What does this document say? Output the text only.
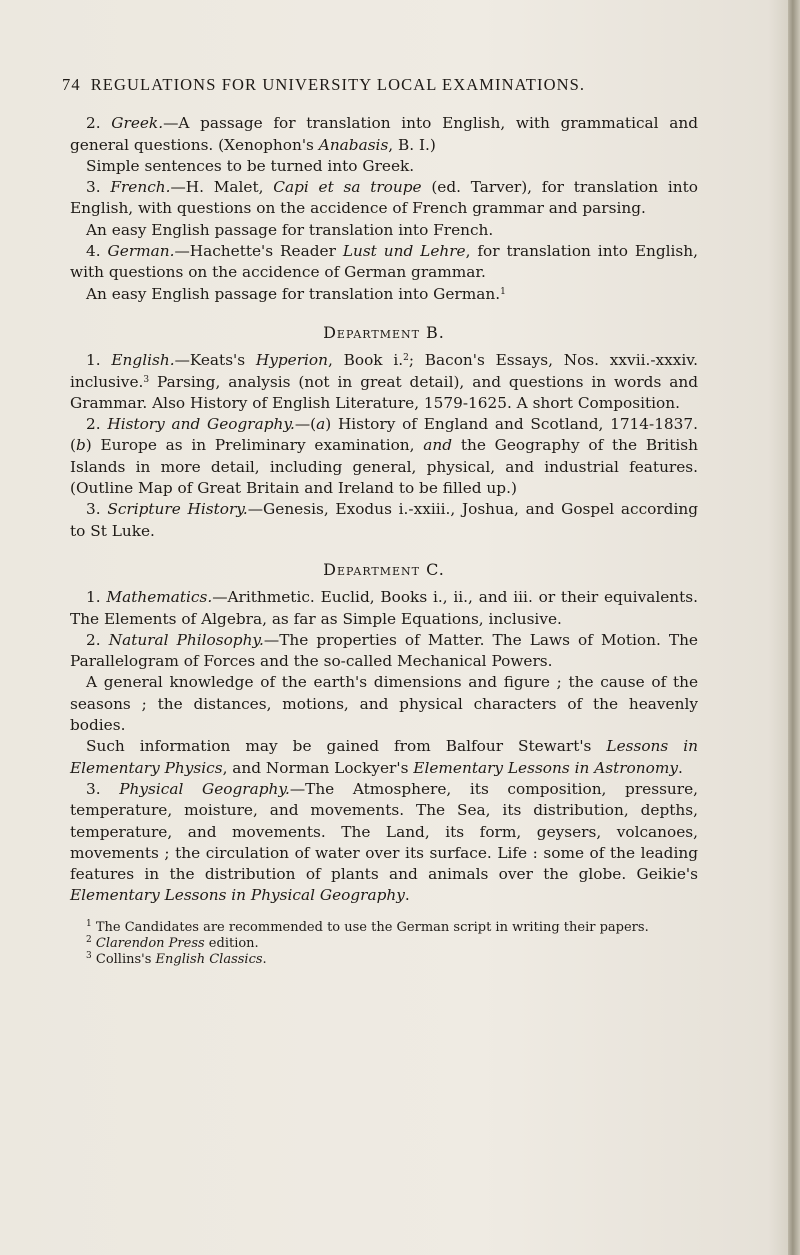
74 REGULATIONS FOR UNIVERSITY LOCAL EXAMINATIONS.

2. Greek.—A passage for translation into English, with grammatical and general questions. (Xenophon's Anabasis, B. I.)

Simple sentences to be turned into Greek.

3. French.—H. Malet, Capi et sa troupe (ed. Tarver), for translation into English, with questions on the accidence of French grammar and parsing.

An easy English passage for translation into French.

4. German.—Hachette's Reader Lust und Lehre, for translation into English, with questions on the accidence of German grammar.

An easy English passage for translation into German.$^1$

Department B.

1. English.—Keats's Hyperion, Book i.$^2$; Bacon's Essays, Nos. xxvii.-xxxiv. inclusive.$^3$ Parsing, analysis (not in great detail), and questions in words and Grammar. Also History of English Literature, 1579-1625. A short Composition.

2. History and Geography.—(a) History of England and Scotland, 1714-1837. (b) Europe as in Preliminary examination, and the Geography of the British Islands in more detail, including general, physical, and industrial features. (Outline Map of Great Britain and Ireland to be filled up.)

3. Scripture History.—Genesis, Exodus i.-xxiii., Joshua, and Gospel according to St Luke.

Department C.

1. Mathematics.—Arithmetic. Euclid, Books i., ii., and iii. or their equivalents. The Elements of Algebra, as far as Simple Equations, inclusive.

2. Natural Philosophy.—The properties of Matter. The Laws of Motion. The Parallelogram of Forces and the so-called Mechanical Powers.

A general knowledge of the earth's dimensions and figure ; the cause of the seasons ; the distances, motions, and physical characters of the heavenly bodies.

Such information may be gained from Balfour Stewart's Lessons in Elementary Physics, and Norman Lockyer's Elementary Lessons in Astronomy.

3. Physical Geography.—The Atmosphere, its composition, pressure, temperature, moisture, and movements. The Sea, its distribution, depths, temperature, and movements. The Land, its form, geysers, volcanoes, movements ; the circulation of water over its surface. Life : some of the leading features in the distribution of plants and animals over the globe. Geikie's Elementary Lessons in Physical Geography.

$^1$ The Candidates are recommended to use the German script in writing their papers.

$^2$ Clarendon Press edition.

$^3$ Collins's English Classics.
